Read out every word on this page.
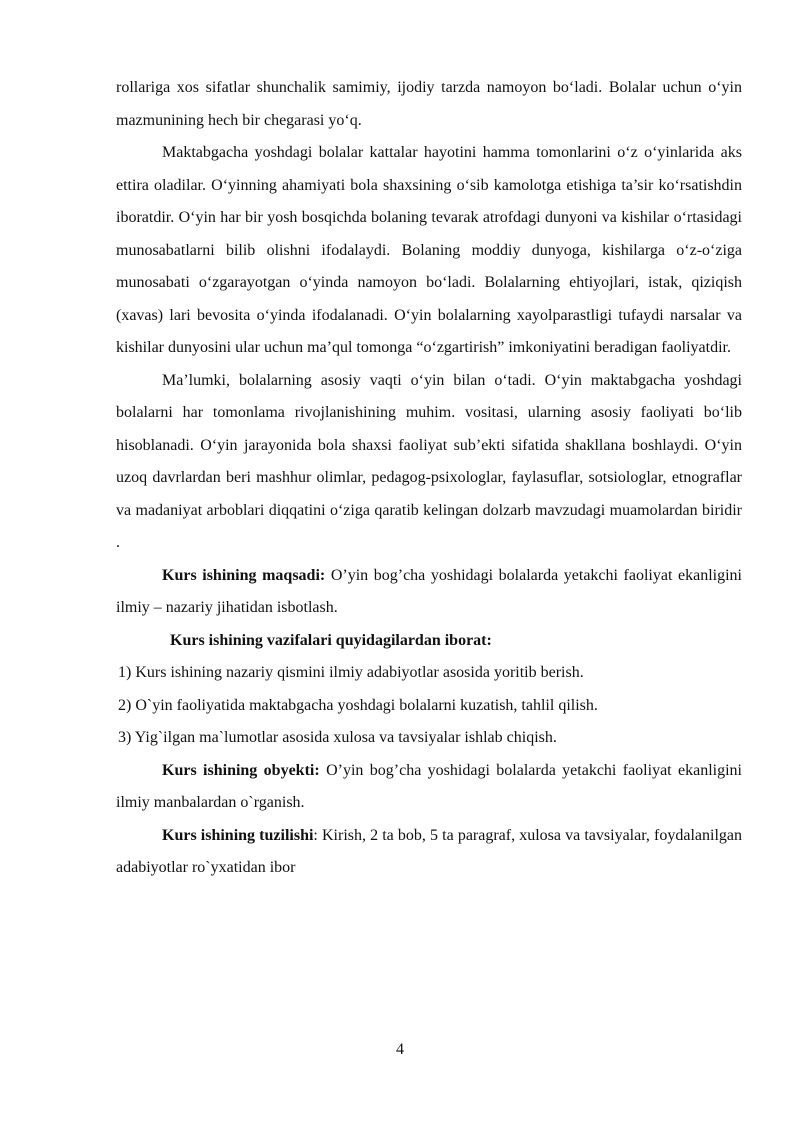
rollariga xos sifatlar shunchalik samimiy, ijodiy tarzda namoyon bo‘ladi. Bolalar uchun o‘yin mazmunining hech bir chegarasi yo‘q.

Maktabgacha yoshdagi bolalar kattalar hayotini hamma tomonlarini o‘z o‘yinlarida aks ettira oladilar. O‘yinning ahamiyati bola shaxsining o‘sib kamolotga etishiga ta’sir ko‘rsatishdin iboratdir. O‘yin har bir yosh bosqichda bolaning tevarak atrofdagi dunyoni va kishilar o‘rtasidagi munosabatlarni bilib olishni ifodalaydi. Bolaning moddiy dunyoga, kishilarga o‘z-o‘ziga munosabati o‘zgarayotgan o‘yinda namoyon bo‘ladi. Bolalarning ehtiyojlari, istak, qiziqish (xavas) lari bevosita o‘yinda ifodalanadi. O‘yin bolalarning xayolparastligi tufaydi narsalar va kishilar dunyosini ular uchun ma’qul tomonga “o‘zgartirish” imkoniyatini beradigan faoliyatdir.

Ma’lumki, bolalarning asosiy vaqti o‘yin bilan o‘tadi. O‘yin maktabgacha yoshdagi bolalarni har tomonlama rivojlanishining muhim. vositasi, ularning asosiy faoliyati bo‘lib hisoblanadi. O‘yin jarayonida bola shaxsi faoliyat sub’ekti sifatida shakllana boshlaydi. O‘yin uzoq davrlardan beri mashhur olimlar, pedagog-psixologlar, faylasuflar, sotsiologlar, etnograflar va madaniyat arboblari diqqatini o‘ziga qaratib kelingan dolzarb mavzudagi muamolardan biridir .

Kurs ishining maqsadi: O’yin bog’cha yoshidagi bolalarda yetakchi faoliyat ekanligini ilmiy – nazariy jihatidan isbotlash.

Kurs ishining vazifalari quyidagilardan iborat:

1) Kurs ishining nazariy qismini ilmiy adabiyotlar asosida yoritib berish.

2) O`yin faoliyatida maktabgacha yoshdagi bolalarni kuzatish, tahlil qilish.

3) Yig`ilgan ma`lumotlar asosida xulosa va tavsiyalar ishlab chiqish.

Kurs ishining obyekti: O’yin bog’cha yoshidagi bolalarda yetakchi faoliyat ekanligini ilmiy manbalardan o`rganish.

Kurs ishining tuzilishi: Kirish, 2 ta bob, 5 ta paragraf, xulosa va tavsiyalar, foydalanilgan adabiyotlar ro`yxatidan ibor

4
